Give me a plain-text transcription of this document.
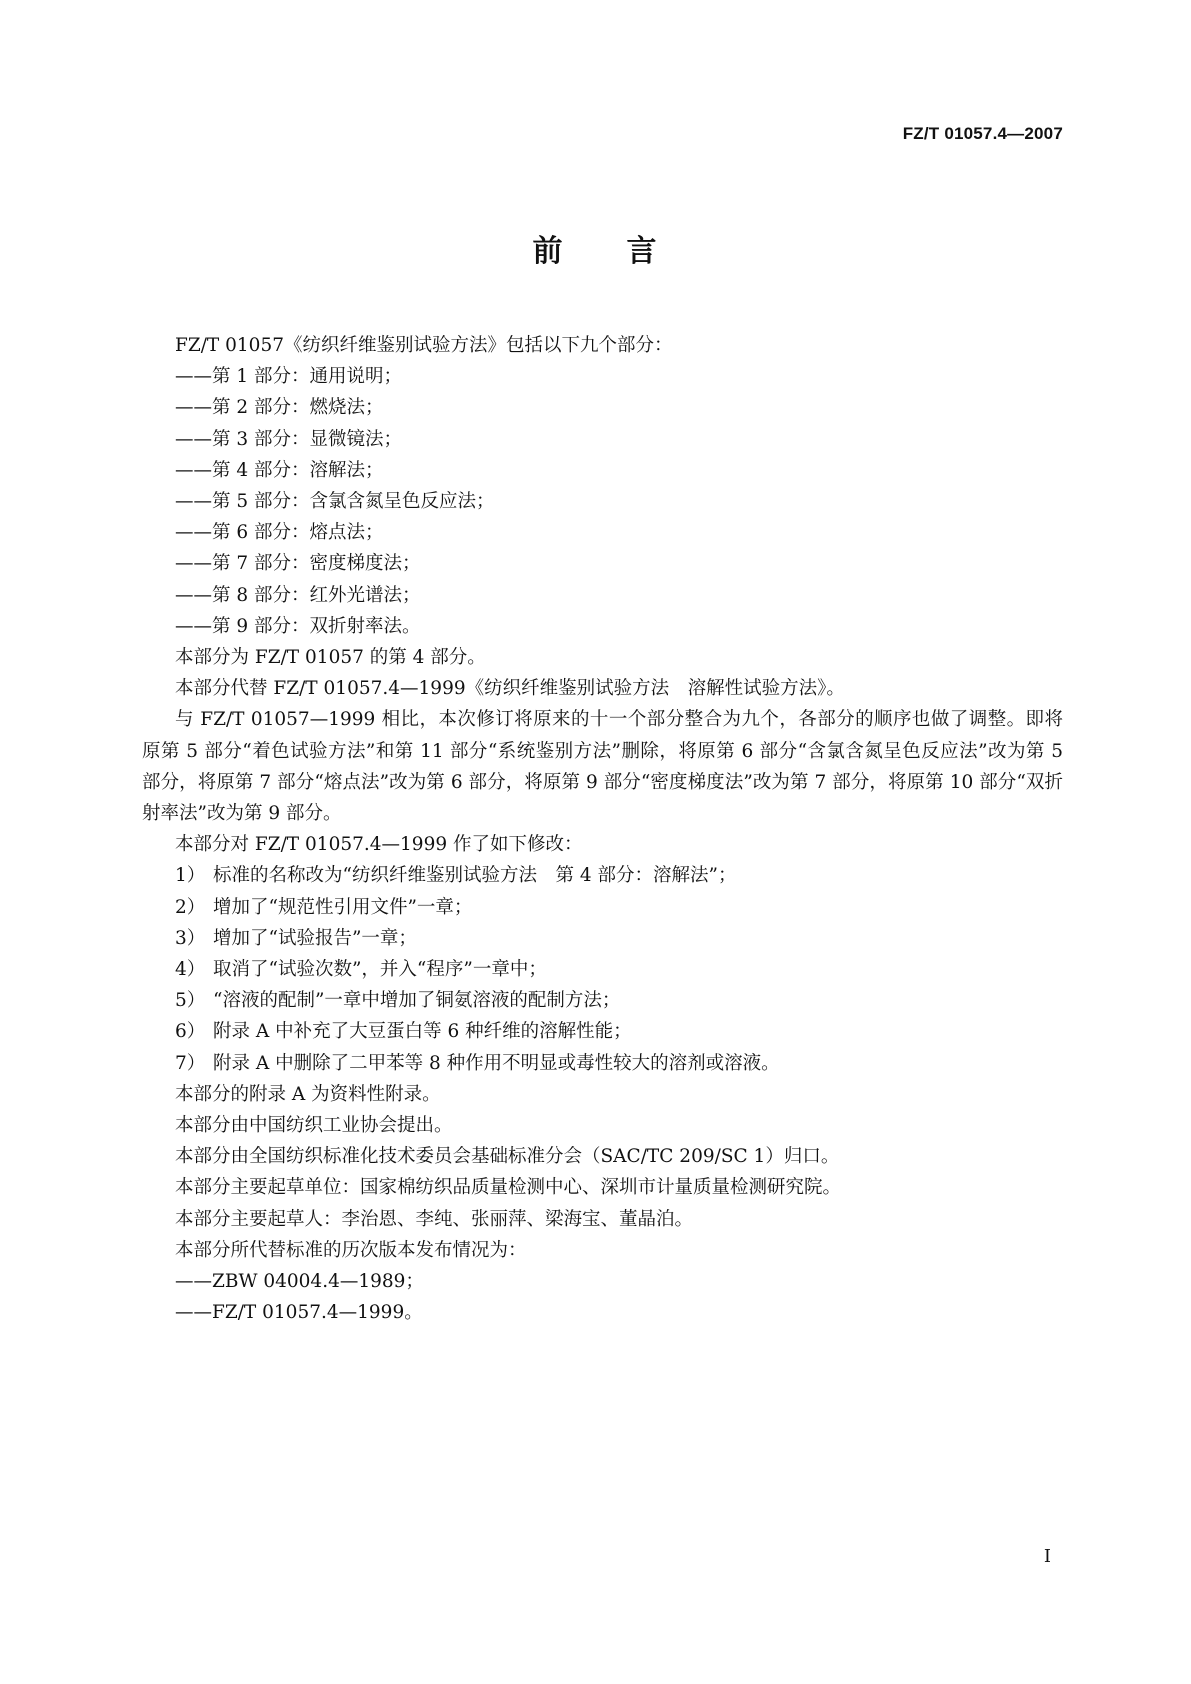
FZ/T 01057.4—2007
前 言

FZ/T 01057《纺织纤维鉴别试验方法》包括以下九个部分：

——第 1 部分：通用说明；

——第 2 部分：燃烧法；

——第 3 部分：显微镜法；

——第 4 部分：溶解法；

——第 5 部分：含氯含氮呈色反应法；

——第 6 部分：熔点法；

——第 7 部分：密度梯度法；

——第 8 部分：红外光谱法；

——第 9 部分：双折射率法。

本部分为 FZ/T 01057 的第 4 部分。

本部分代替 FZ/T 01057.4—1999《纺织纤维鉴别试验方法　溶解性试验方法》。

与 FZ/T 01057—1999 相比，本次修订将原来的十一个部分整合为九个，各部分的顺序也做了调整。即将原第 5 部分“着色试验方法”和第 11 部分“系统鉴别方法”删除，将原第 6 部分“含氯含氮呈色反应法”改为第 5 部分，将原第 7 部分“熔点法”改为第 6 部分，将原第 9 部分“密度梯度法”改为第 7 部分，将原第 10 部分“双折射率法”改为第 9 部分。

本部分对 FZ/T 01057.4—1999 作了如下修改：

1） 标准的名称改为“纺织纤维鉴别试验方法　第 4 部分：溶解法”；

2） 增加了“规范性引用文件”一章；

3） 增加了“试验报告”一章；

4） 取消了“试验次数”，并入“程序”一章中；

5） “溶液的配制”一章中增加了铜氨溶液的配制方法；

6） 附录 A 中补充了大豆蛋白等 6 种纤维的溶解性能；

7） 附录 A 中删除了二甲苯等 8 种作用不明显或毒性较大的溶剂或溶液。

本部分的附录 A 为资料性附录。

本部分由中国纺织工业协会提出。

本部分由全国纺织标准化技术委员会基础标准分会（SAC/TC 209/SC 1）归口。

本部分主要起草单位：国家棉纺织品质量检测中心、深圳市计量质量检测研究院。

本部分主要起草人：李治恩、李纯、张丽萍、梁海宝、董晶泊。

本部分所代替标准的历次版本发布情况为：

——ZBW 04004.4—1989；

——FZ/T 01057.4—1999。

I
